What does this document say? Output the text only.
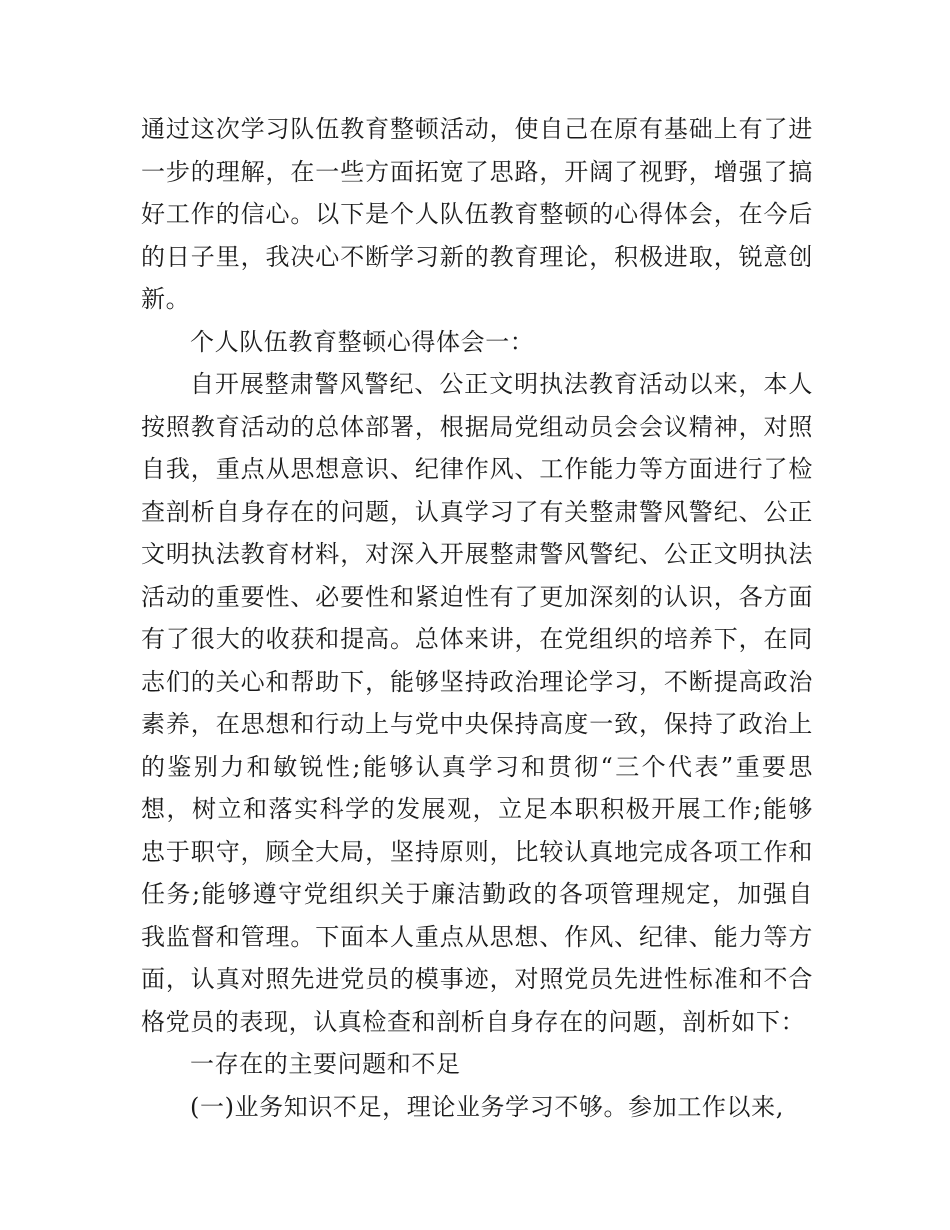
通过这次学习队伍教育整顿活动，使自己在原有基础上有了进一步的理解，在一些方面拓宽了思路，开阔了视野，增强了搞好工作的信心。以下是个人队伍教育整顿的心得体会，在今后的日子里，我决心不断学习新的教育理论，积极进取，锐意创新。

个人队伍教育整顿心得体会一：

自开展整肃警风警纪、公正文明执法教育活动以来，本人按照教育活动的总体部署，根据局党组动员会会议精神，对照自我，重点从思想意识、纪律作风、工作能力等方面进行了检查剖析自身存在的问题，认真学习了有关整肃警风警纪、公正文明执法教育材料，对深入开展整肃警风警纪、公正文明执法活动的重要性、必要性和紧迫性有了更加深刻的认识，各方面有了很大的收获和提高。总体来讲，在党组织的培养下，在同志们的关心和帮助下，能够坚持政治理论学习，不断提高政治素养，在思想和行动上与党中央保持高度一致，保持了政治上的鉴别力和敏锐性;能够认真学习和贯彻“三个代表”重要思想，树立和落实科学的发展观，立足本职积极开展工作;能够忠于职守，顾全大局，坚持原则，比较认真地完成各项工作和任务;能够遵守党组织关于廉洁勤政的各项管理规定，加强自我监督和管理。下面本人重点从思想、作风、纪律、能力等方面，认真对照先进党员的模事迹，对照党员先进性标准和不合格党员的表现，认真检查和剖析自身存在的问题，剖析如下：

一存在的主要问题和不足

(一)业务知识不足，理论业务学习不够。参加工作以来,
